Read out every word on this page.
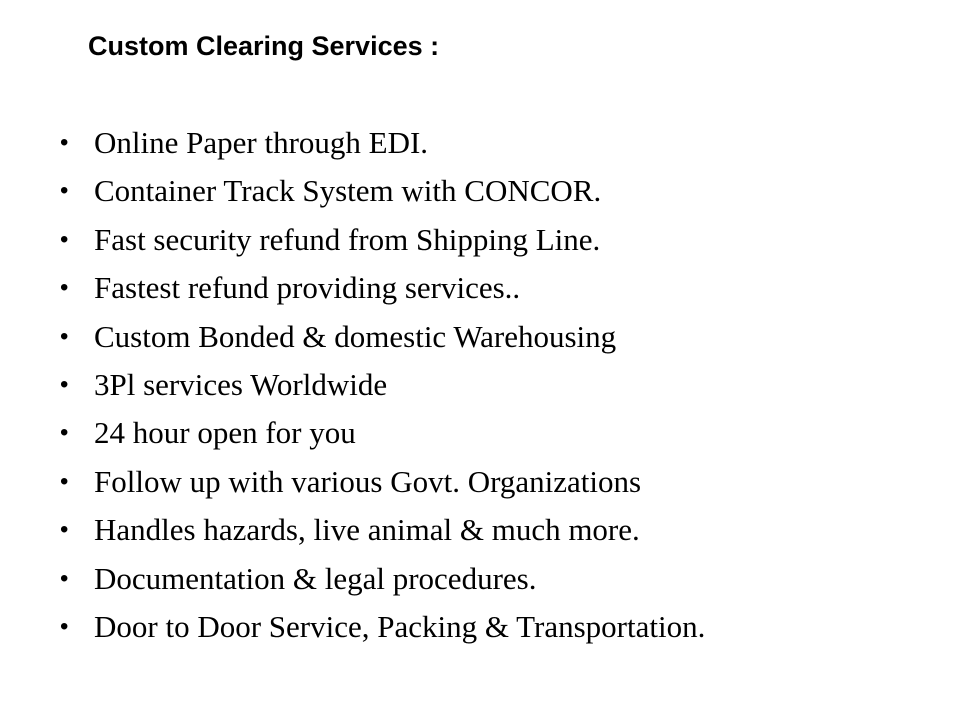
Custom Clearing Services :
• Online Paper through EDI.
• Container Track System with CONCOR.
• Fast security refund from Shipping Line.
• Fastest refund providing services..
• Custom Bonded & domestic Warehousing
• 3Pl services Worldwide
• 24 hour open for you
• Follow up with various Govt. Organizations
• Handles hazards, live animal & much more.
• Documentation & legal procedures.
• Door to Door Service, Packing & Transportation.
